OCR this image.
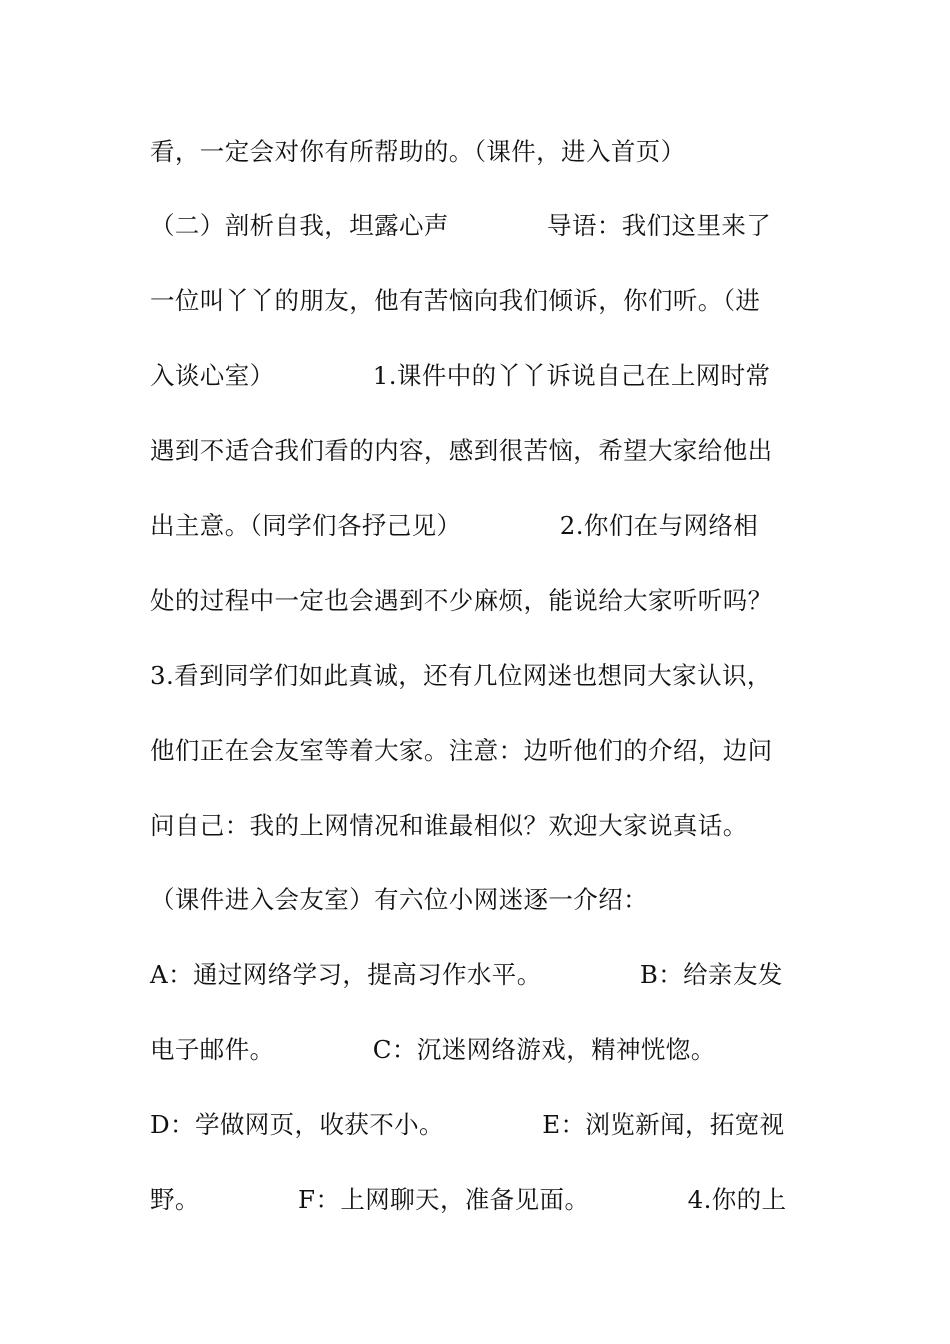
看，一定会对你有所帮助的。（课件，进入首页）
（二）剖析自我，坦露心声            导语：我们这里来了
一位叫丫丫的朋友，他有苦恼向我们倾诉，你们听。（进
入谈心室）            1.课件中的丫丫诉说自己在上网时常
遇到不适合我们看的内容，感到很苦恼，希望大家给他出
出主意。（同学们各抒己见）            2.你们在与网络相
处的过程中一定也会遇到不少麻烦，能说给大家听听吗？
3.看到同学们如此真诚，还有几位网迷也想同大家认识，
他们正在会友室等着大家。注意：边听他们的介绍，边问
问自己：我的上网情况和谁最相似？欢迎大家说真话。
（课件进入会友室）有六位小网迷逐一介绍：
A：通过网络学习，提高习作水平。            B：给亲友发
电子邮件。            C：沉迷网络游戏，精神恍惚。
D：学做网页，收获不小。            E：浏览新闻，拓宽视
野。            F：上网聊天，准备见面。            4.你的上
